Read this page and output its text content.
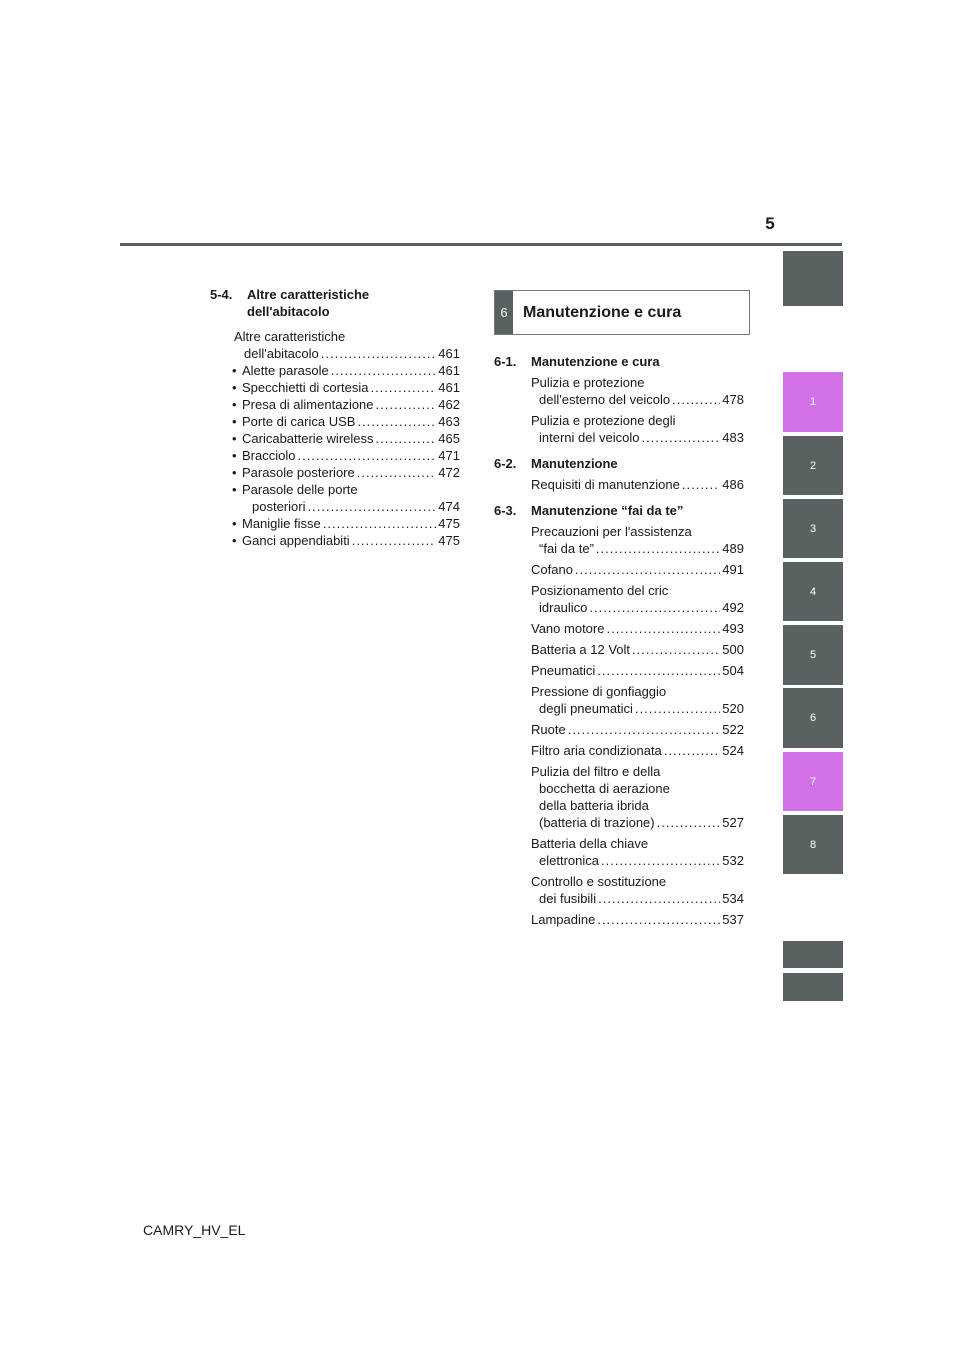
5
5-4. Altre caratteristiche
dell'abitacolo
Altre caratteristiche
dell'abitacolo .....	461
• Alette parasole .....	461
• Specchietti di cortesia .....	461
• Presa di alimentazione .....	462
• Porte di carica USB .....	463
• Caricabatterie wireless .....	465
• Bracciolo .....	471
• Parasole posteriore .....	472
• Parasole delle porte
posteriori .....	474
• Maniglie fisse .....	475
• Ganci appendiabiti .....	475
6 Manutenzione e cura
6-1. Manutenzione e cura
Pulizia e protezione
dell'esterno del veicolo .....	478
Pulizia e protezione degli
interni del veicolo .....	483
6-2. Manutenzione
Requisiti di manutenzione .....	486
6-3. Manutenzione “fai da te”
Precauzioni per l'assistenza
“fai da te” .....	489
Cofano .....	491
Posizionamento del cric
idraulico .....	492
Vano motore .....	493
Batteria a 12 Volt .....	500
Pneumatici .....	504
Pressione di gonfiaggio
degli pneumatici .....	520
Ruote .....	522
Filtro aria condizionata .....	524
Pulizia del filtro e della
bocchetta di aerazione
della batteria ibrida
(batteria di trazione) .....	527
Batteria della chiave
elettronica .....	532
Controllo e sostituzione
dei fusibili .....	534
Lampadine .....	537
1
2
3
4
5
6
7
8
CAMRY_HV_EL
